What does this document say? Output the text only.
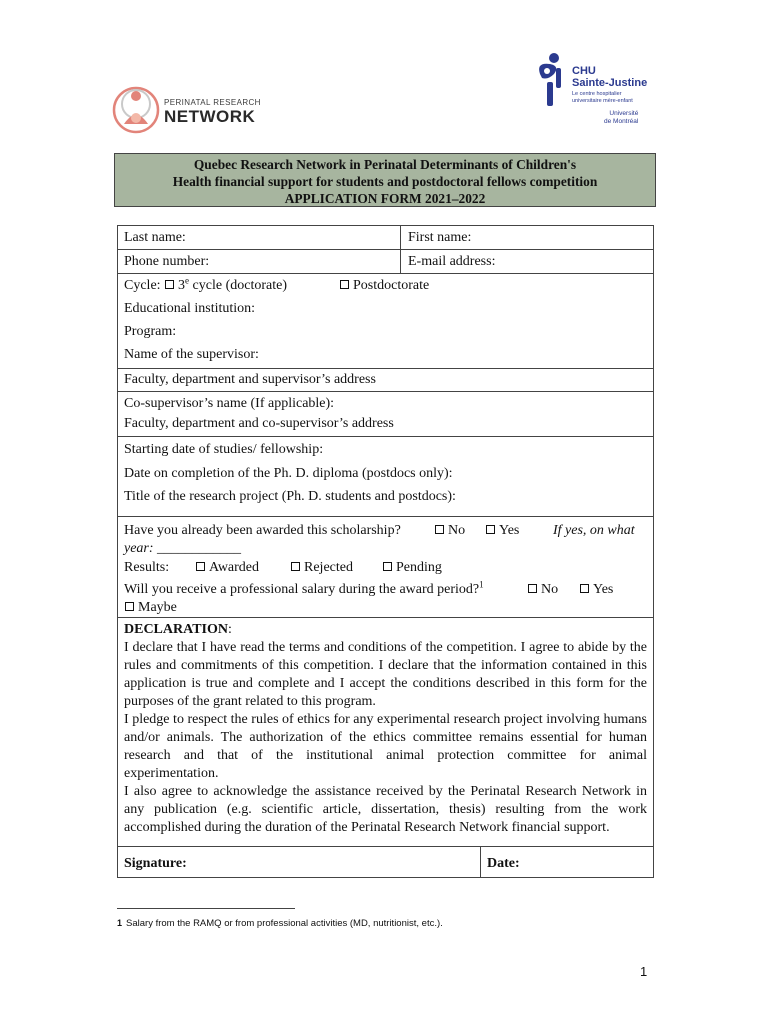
PERINATAL RESEARCH
NETWORK
CHU
Sainte-Justine
Le centre hospitalier
universitaire mère-enfant
Université
de Montréal
Quebec Research Network in Perinatal Determinants of Children's
Health financial support for students and postdoctoral fellows competition
APPLICATION FORM 2021–2022
Last name:	First name:
Phone number:	E-mail address:
Cycle: 3e cycle (doctorate)	Postdoctorate
Educational institution:
Program:
Name of the supervisor:
Faculty, department and supervisor’s address
Co-supervisor’s name (If applicable):
Faculty, department and co-supervisor’s address
Starting date of studies/ fellowship:
Date on completion of the Ph. D. diploma (postdocs only):
Title of the research project (Ph. D. students and postdocs):
Have you already been awarded this scholarship?	No	Yes If yes, on what
year: ____________
Results:	Awarded	Rejected	Pending
Will you receive a professional salary during the award period?$^1$	No	Yes
Maybe

DECLARATION:

I declare that I have read the terms and conditions of the competition. I agree to abide by the rules and commitments of this competition. I declare that the information contained in this application is true and complete and I accept the conditions described in this form for the purposes of the grant related to this program.

I pledge to respect the rules of ethics for any experimental research project involving humans and/or animals. The authorization of the ethics committee remains essential for human research and that of the institutional animal protection committee for animal experimentation.

I also agree to acknowledge the assistance received by the Perinatal Research Network in any publication (e.g. scientific article, dissertation, thesis) resulting from the work accomplished during the duration of the Perinatal Research Network financial support.

Signature:	Date:
1 Salary from the RAMQ or from professional activities (MD, nutritionist, etc.).
1
